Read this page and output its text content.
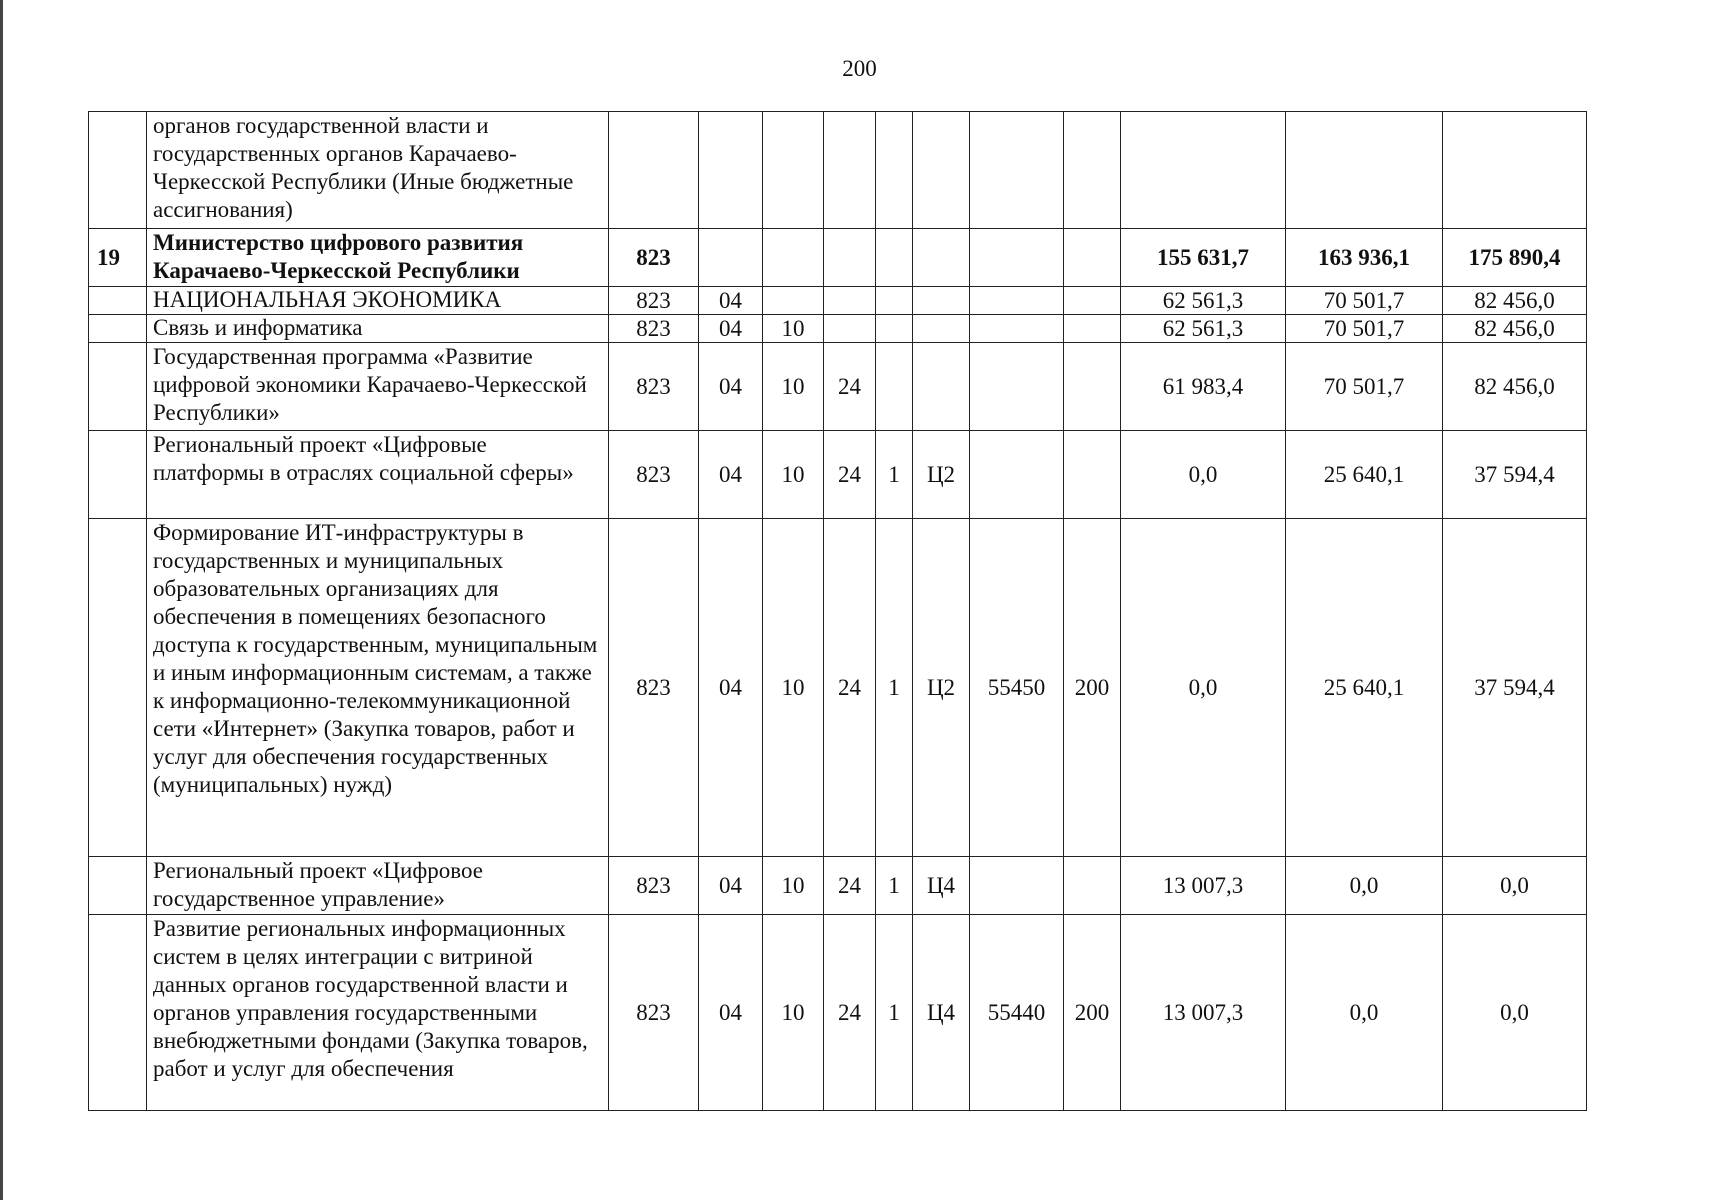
200
	органов государственной власти и государственных органов Карачаево-Черкесской Республики (Иные бюджетные ассигнования)											
19	Министерство цифрового развития Карачаево-Черкесской Республики	823								155 631,7	163 936,1	175 890,4
	НАЦИОНАЛЬНАЯ ЭКОНОМИКА	823	04							62 561,3	70 501,7	82 456,0
	Связь и информатика	823	04	10						62 561,3	70 501,7	82 456,0
	Государственная программа «Развитие цифровой экономики Карачаево-Черкесской Республики»	823	04	10	24					61 983,4	70 501,7	82 456,0
	Региональный проект «Цифровые платформы в отраслях социальной сферы»	823	04	10	24	1	Ц2			0,0	25 640,1	37 594,4
	Формирование ИТ-инфраструктуры в государственных и муниципальных образовательных организациях для обеспечения в помещениях безопасного доступа к государственным, муниципальным и иным информационным системам, а также к информационно-телекоммуникационной сети «Интернет» (Закупка товаров, работ и услуг для обеспечения государственных (муниципальных) нужд)	823	04	10	24	1	Ц2	55450	200	0,0	25 640,1	37 594,4
	Региональный проект «Цифровое государственное управление»	823	04	10	24	1	Ц4			13 007,3	0,0	0,0
	Развитие региональных информационных систем в целях интеграции с витриной данных органов государственной власти и органов управления государственными внебюджетными фондами (Закупка товаров, работ и услуг для обеспечения	823	04	10	24	1	Ц4	55440	200	13 007,3	0,0	0,0
